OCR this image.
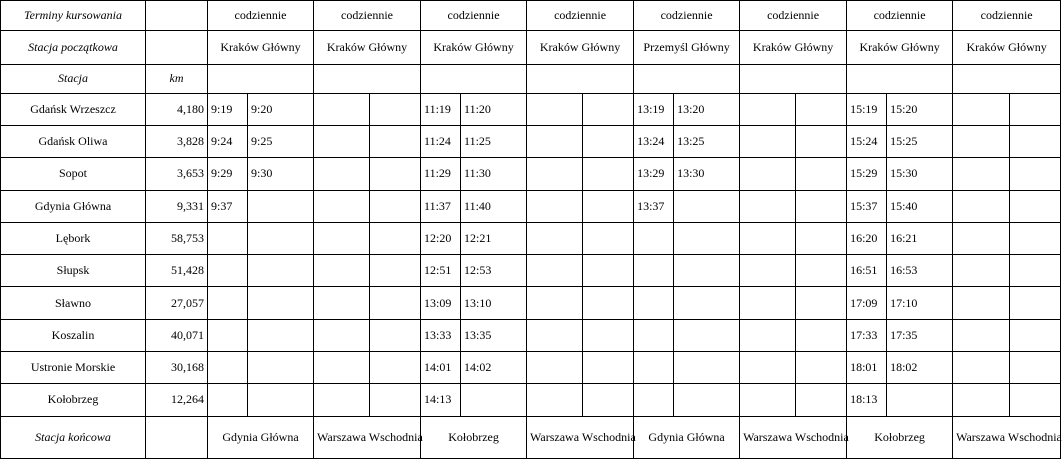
Terminy kursowania		codziennie		codziennie		codziennie		codziennie		codziennie		codziennie		codziennie		codziennie	
Stacja początkowa		Kraków Główny		Kraków Główny		Kraków Główny		Kraków Główny		Przemyśl Główny		Kraków Główny		Kraków Główny		Kraków Główny	
Stacja	km																
Gdańsk Wrzeszcz	4,180	9:19	9:20			11:19	11:20			13:19	13:20			15:19	15:20		
Gdańsk Oliwa	3,828	9:24	9:25			11:24	11:25			13:24	13:25			15:24	15:25		
Sopot	3,653	9:29	9:30			11:29	11:30			13:29	13:30			15:29	15:30		
Gdynia Główna	9,331	9:37				11:37	11:40			13:37				15:37	15:40		
Lębork	58,753					12:20	12:21							16:20	16:21		
Słupsk	51,428					12:51	12:53							16:51	16:53		
Sławno	27,057					13:09	13:10							17:09	17:10		
Koszalin	40,071					13:33	13:35							17:33	17:35		
Ustronie Morskie	30,168					14:01	14:02							18:01	18:02		
Kołobrzeg	12,264					14:13								18:13			
Stacja końcowa		Gdynia Główna		Warszawa Wschodnia		Kołobrzeg		Warszawa Wschodnia		Gdynia Główna		Warszawa Wschodnia		Kołobrzeg		Warszawa Wschodnia	
